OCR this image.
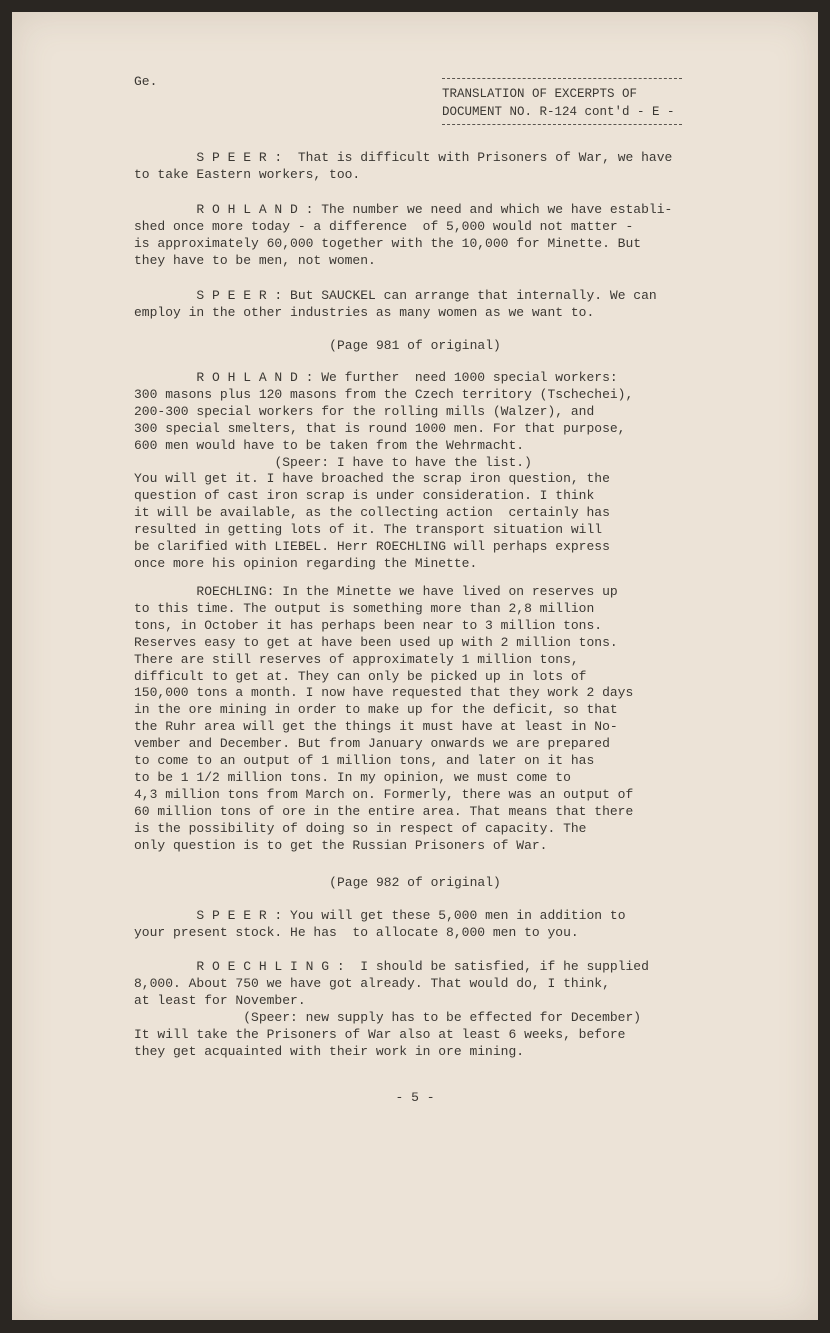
Ge.
TRANSLATION OF EXCERPTS OF
DOCUMENT NO. R-124 cont'd - E -
S P E E R :  That is difficult with Prisoners of War, we have
to take Eastern workers, too.
R O H L A N D : The number we need and which we have establi-
shed once more today - a difference  of 5,000 would not matter -
is approximately 60,000 together with the 10,000 for Minette. But
they have to be men, not women.
S P E E R : But SAUCKEL can arrange that internally. We can
employ in the other industries as many women as we want to.
(Page 981 of original)
R O H L A N D : We further  need 1000 special workers:
300 masons plus 120 masons from the Czech territory (Tschechei),
200-300 special workers for the rolling mills (Walzer), and
300 special smelters, that is round 1000 men. For that purpose,
600 men would have to be taken from the Wehrmacht.
(Speer: I have to have the list.)
You will get it. I have broached the scrap iron question, the
question of cast iron scrap is under consideration. I think
it will be available, as the collecting action  certainly has
resulted in getting lots of it. The transport situation will
be clarified with LIEBEL. Herr ROECHLING will perhaps express
once more his opinion regarding the Minette.
ROECHLING: In the Minette we have lived on reserves up
to this time. The output is something more than 2,8 million
tons, in October it has perhaps been near to 3 million tons.
Reserves easy to get at have been used up with 2 million tons.
There are still reserves of approximately 1 million tons,
difficult to get at. They can only be picked up in lots of
150,000 tons a month. I now have requested that they work 2 days
in the ore mining in order to make up for the deficit, so that
the Ruhr area will get the things it must have at least in No-
vember and December. But from January onwards we are prepared
to come to an output of 1 million tons, and later on it has
to be 1 1/2 million tons. In my opinion, we must come to
4,3 million tons from March on. Formerly, there was an output of
60 million tons of ore in the entire area. That means that there
is the possibility of doing so in respect of capacity. The
only question is to get the Russian Prisoners of War.
(Page 982 of original)
S P E E R : You will get these 5,000 men in addition to
your present stock. He has  to allocate 8,000 men to you.
R O E C H L I N G :  I should be satisfied, if he supplied
8,000. About 750 we have got already. That would do, I think,
at least for November.
(Speer: new supply has to be effected for December)
It will take the Prisoners of War also at least 6 weeks, before
they get acquainted with their work in ore mining.
- 5 -
